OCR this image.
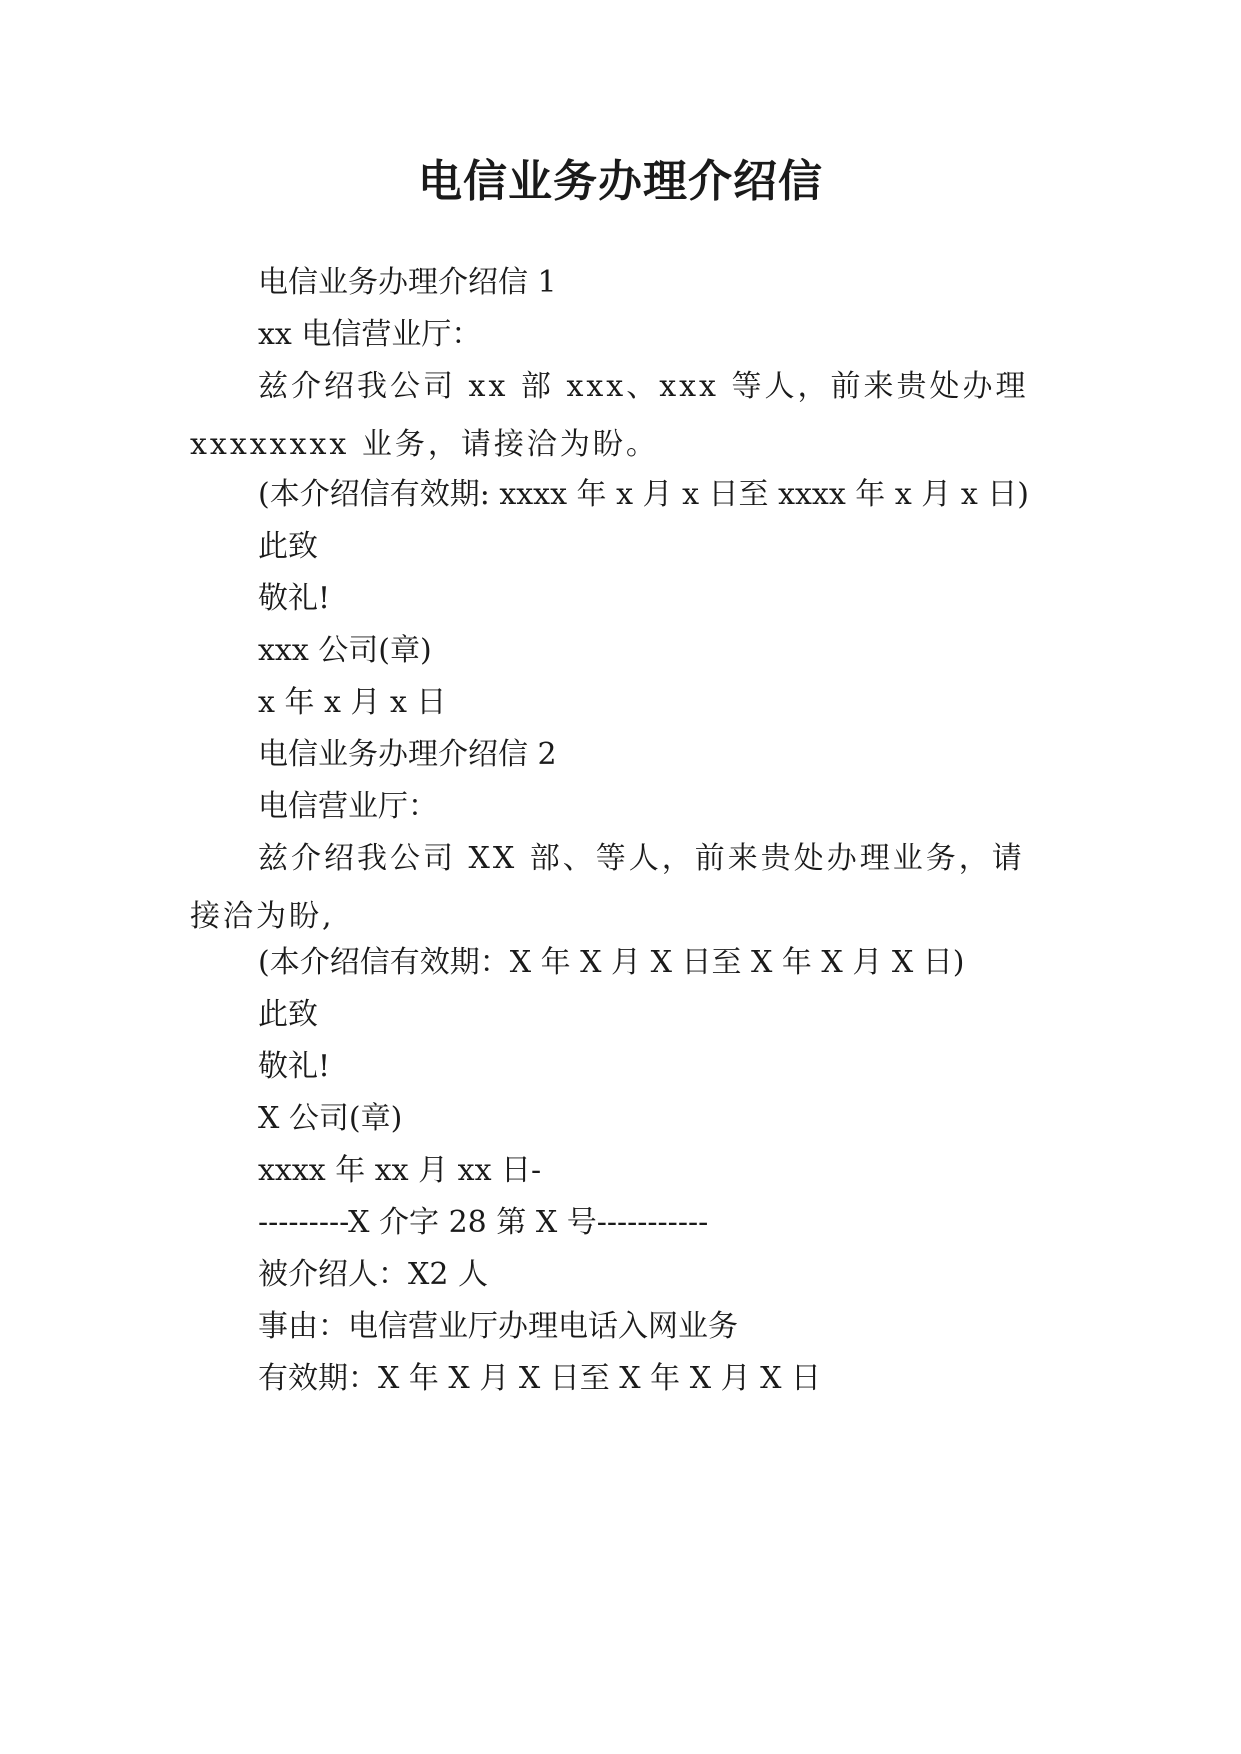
电信业务办理介绍信
电信业务办理介绍信 1
xx 电信营业厅：
兹介绍我公司 xx 部 xxx、xxx 等人，前来贵处办理 xxxxxxxx 业务，请接洽为盼。
(本介绍信有效期: xxxx 年 x 月 x 日至 xxxx 年 x 月 x 日)
此致
敬礼!
xxx 公司(章)
x 年 x 月 x 日
电信业务办理介绍信 2
电信营业厅：
兹介绍我公司 XX 部、等人，前来贵处办理业务，请接洽为盼,
(本介绍信有效期：X 年 X 月 X 日至 X 年 X 月 X 日)
此致
敬礼!
X 公司(章)
xxxx 年 xx 月 xx 日-
---------X 介字 28 第 X 号-----------
被介绍人：X2 人
事由：电信营业厅办理电话入网业务
有效期：X 年 X 月 X 日至 X 年 X 月 X 日
